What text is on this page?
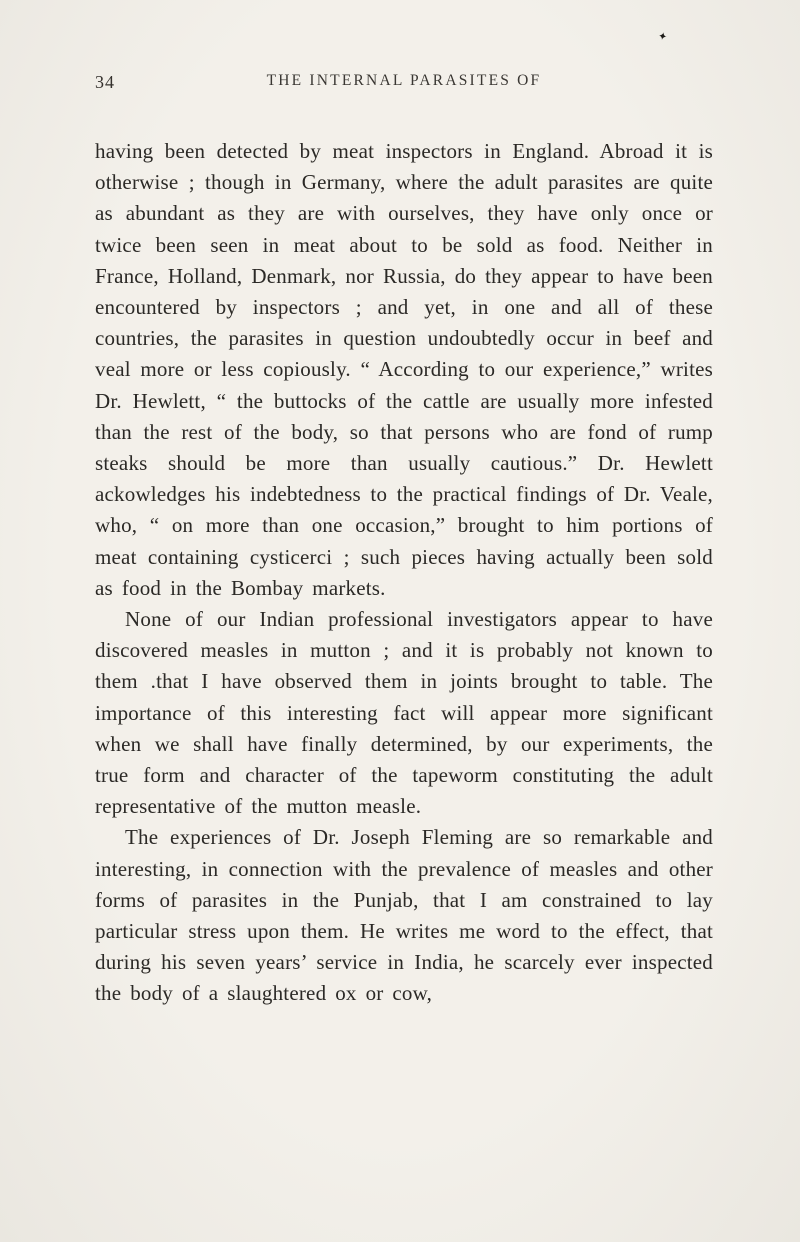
✦
34	THE INTERNAL PARASITES OF

having been detected by meat inspectors in England. Abroad it is otherwise ; though in Germany, where the adult parasites are quite as abundant as they are with ourselves, they have only once or twice been seen in meat about to be sold as food. Neither in France, Holland, Denmark, nor Russia, do they appear to have been encountered by inspectors ; and yet, in one and all of these countries, the parasites in question undoubtedly occur in beef and veal more or less copiously. “ According to our experience,” writes Dr. Hewlett, “ the buttocks of the cattle are usually more infested than the rest of the body, so that persons who are fond of rump steaks should be more than usually cautious.” Dr. Hewlett ackowledges his indebtedness to the practical findings of Dr. Veale, who, “ on more than one occasion,” brought to him portions of meat containing cysticerci ; such pieces having actually been sold as food in the Bombay markets.

None of our Indian professional investigators appear to have discovered measles in mutton ; and it is probably not known to them .that I have observed them in joints brought to table. The importance of this interesting fact will appear more significant when we shall have finally determined, by our experiments, the true form and character of the tapeworm constituting the adult representative of the mutton measle.

The experiences of Dr. Joseph Fleming are so remarkable and interesting, in connection with the prevalence of measles and other forms of parasites in the Punjab, that I am constrained to lay particular stress upon them. He writes me word to the effect, that during his seven years’ service in India, he scarcely ever inspected the body of a slaughtered ox or cow,
